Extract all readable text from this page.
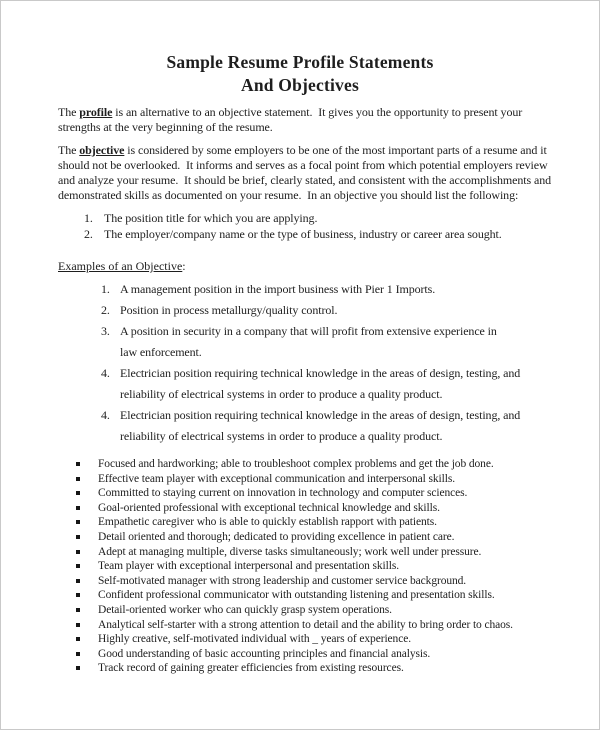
Sample Resume Profile Statements
And Objectives
The profile is an alternative to an objective statement.  It gives you the opportunity to present your
strengths at the very beginning of the resume.
The objective is considered by some employers to be one of the most important parts of a resume and it
should not be overlooked.  It informs and serves as a focal point from which potential employers review
and analyze your resume.  It should be brief, clearly stated, and consistent with the accomplishments and
demonstrated skills as documented on your resume.  In an objective you should list the following:
1. The position title for which you are applying.
2. The employer/company name or the type of business, industry or career area sought.
Examples of an Objective:
1. A management position in the import business with Pier 1 Imports.
2. Position in process metallurgy/quality control.
3. A position in security in a company that will profit from extensive experience in
law enforcement.
4. Electrician position requiring technical knowledge in the areas of design, testing, and
reliability of electrical systems in order to produce a quality product.
4. Electrician position requiring technical knowledge in the areas of design, testing, and
reliability of electrical systems in order to produce a quality product.
Focused and hardworking; able to troubleshoot complex problems and get the job done.
Effective team player with exceptional communication and interpersonal skills.
Committed to staying current on innovation in technology and computer sciences.
Goal-oriented professional with exceptional technical knowledge and skills.
Empathetic caregiver who is able to quickly establish rapport with patients.
Detail oriented and thorough; dedicated to providing excellence in patient care.
Adept at managing multiple, diverse tasks simultaneously; work well under pressure.
Team player with exceptional interpersonal and presentation skills.
Self-motivated manager with strong leadership and customer service background.
Confident professional communicator with outstanding listening and presentation skills.
Detail-oriented worker who can quickly grasp system operations.
Analytical self-starter with a strong attention to detail and the ability to bring order to chaos.
Highly creative, self-motivated individual with _ years of experience.
Good understanding of basic accounting principles and financial analysis.
Track record of gaining greater efficiencies from existing resources.
